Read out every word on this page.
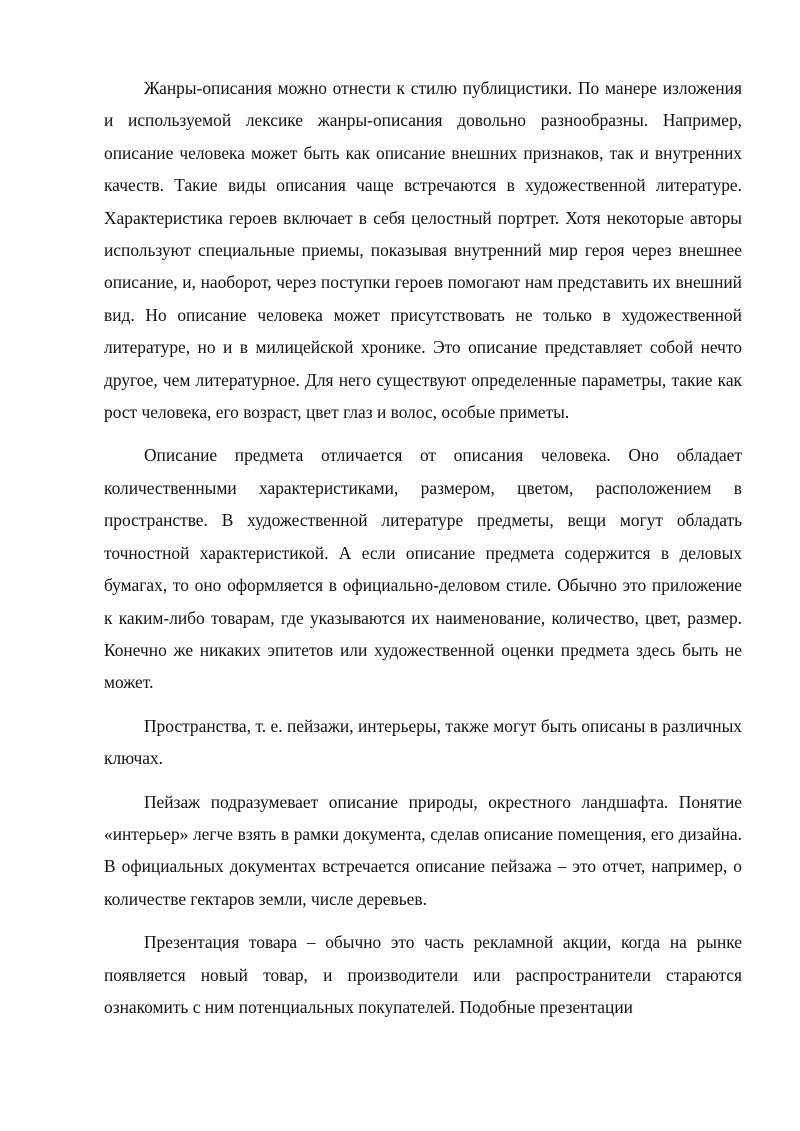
Жанры-описания можно отнести к стилю публицистики. По манере изложения и используемой лексике жанры-описания довольно разнообразны. Например, описание человека может быть как описание внешних признаков, так и внутренних качеств. Такие виды описания чаще встречаются в художественной литературе. Характеристика героев включает в себя целостный портрет. Хотя некоторые авторы используют специальные приемы, показывая внутренний мир героя через внешнее описание, и, наоборот, через поступки героев помогают нам представить их внешний вид. Но описание человека может присутствовать не только в художественной литературе, но и в милицейской хронике. Это описание представляет собой нечто другое, чем литературное. Для него существуют определенные параметры, такие как рост человека, его возраст, цвет глаз и волос, особые приметы.

Описание предмета отличается от описания человека. Оно обладает количественными характеристиками, размером, цветом, расположением в пространстве. В художественной литературе предметы, вещи могут обладать точностной характеристикой. А если описание предмета содержится в деловых бумагах, то оно оформляется в официально-деловом стиле. Обычно это приложение к каким-либо товарам, где указываются их наименование, количество, цвет, размер. Конечно же никаких эпитетов или художественной оценки предмета здесь быть не может.

Пространства, т. е. пейзажи, интерьеры, также могут быть описаны в различных ключах.

Пейзаж подразумевает описание природы, окрестного ландшафта. Понятие «интерьер» легче взять в рамки документа, сделав описание помещения, его дизайна. В официальных документах встречается описание пейзажа – это отчет, например, о количестве гектаров земли, числе деревьев.

Презентация товара – обычно это часть рекламной акции, когда на рынке появляется новый товар, и производители или распространители стараются ознакомить с ним потенциальных покупателей. Подобные презентации
